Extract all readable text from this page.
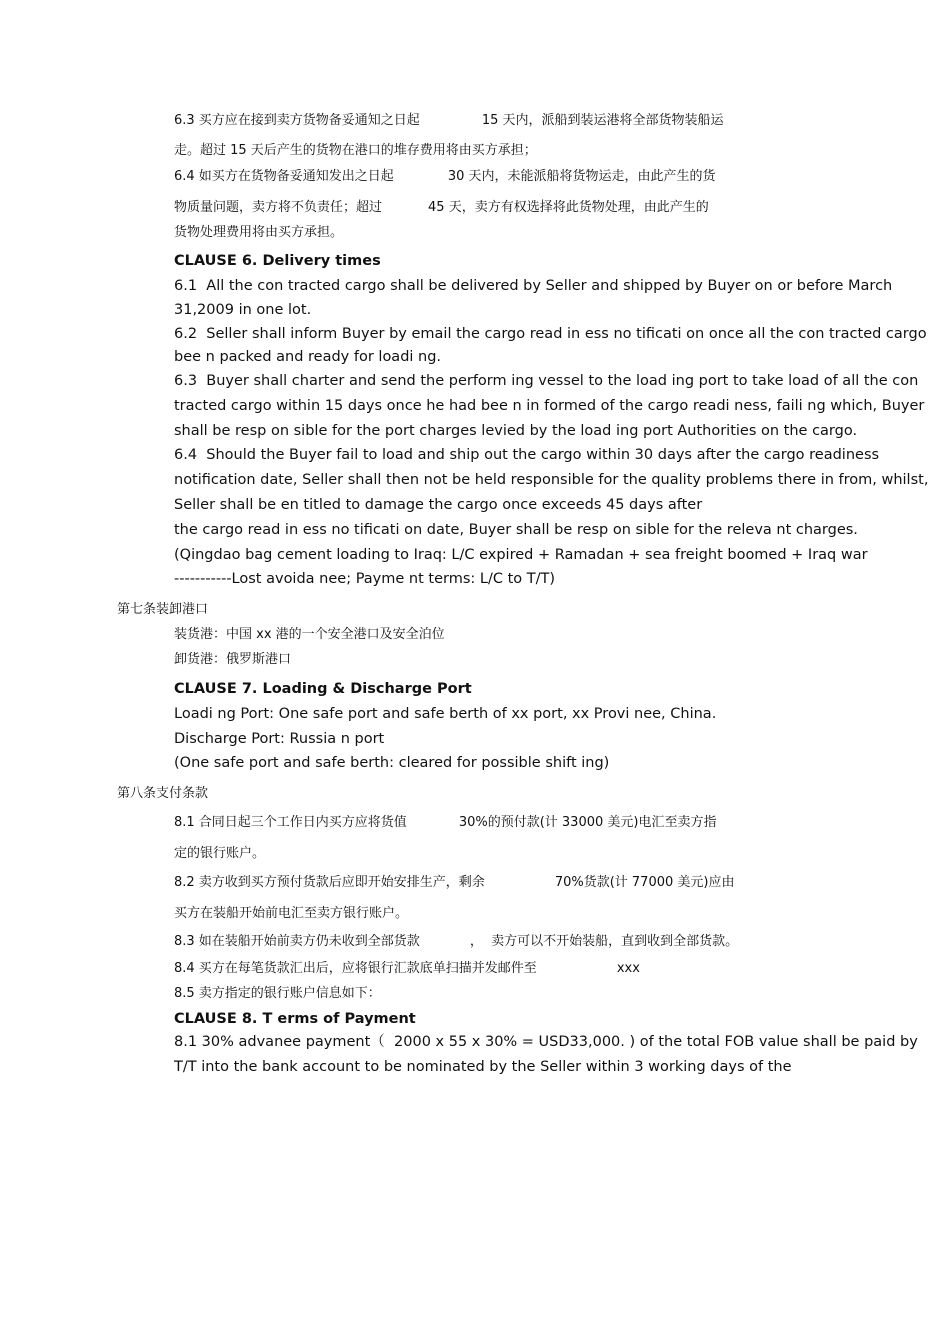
6.3 买方应在接到卖方货物备妥通知之日起	15 天内，派船到装运港将全部货物装船运
走。超过 15 天后产生的货物在港口的堆存费用将由买方承担；
6.4 如买方在货物备妥通知发出之日起	30 天内，未能派船将货物运走，由此产生的货
物质量问题，卖方将不负责任；超过	45 天，卖方有权选择将此货物处理，由此产生的
货物处理费用将由买方承担。
CLAUSE 6. Delivery times
6.1  All the con tracted cargo shall be delivered by Seller and shipped by Buyer on or before March
31,2009 in one lot.
6.2  Seller shall inform Buyer by email the cargo read in ess no tificati on once all the con tracted cargo
bee n packed and ready for loadi ng.
6.3  Buyer shall charter and send the perform ing vessel to the load ing port to take load of all the con
tracted cargo within 15 days once he had bee n in formed of the cargo readi ness, faili ng which, Buyer
shall be resp on sible for the port charges levied by the load ing port Authorities on the cargo.
6.4  Should the Buyer fail to load and ship out the cargo within 30 days after the cargo readiness
notification date, Seller shall then not be held responsible for the quality problems there in from, whilst,
Seller shall be en titled to damage the cargo once exceeds 45 days after
the cargo read in ess no tificati on date, Buyer shall be resp on sible for the releva nt charges.
(Qingdao bag cement loading to Iraq: L/C expired + Ramadan + sea freight boomed + Iraq war
-----------Lost avoida nee; Payme nt terms: L/C to T/T)
第七条装卸港口
装货港：中国 xx 港的一个安全港口及安全泊位
卸货港：俄罗斯港口
CLAUSE 7. Loading & Discharge Port
Loadi ng Port: One safe port and safe berth of xx port, xx Provi nee, China.
Discharge Port: Russia n port
(One safe port and safe berth: cleared for possible shift ing)
第八条支付条款
8.1 合同日起三个工作日内买方应将货值	30%的预付款(计 33000 美元)电汇至卖方指
定的银行账户。
8.2 卖方收到买方预付货款后应即开始安排生产，剩余	70%货款(计 77000 美元)应由
买方在装船开始前电汇至卖方银行账户。
8.3 如在装船开始前卖方仍未收到全部货款	，  卖方可以不开始装船，直到收到全部货款。
8.4 买方在每笔货款汇出后，应将银行汇款底单扫描并发邮件至	xxx
8.5 卖方指定的银行账户信息如下：
CLAUSE 8. T erms of Payment
8.1 30% advanee payment（  2000 x 55 x 30% = USD33,000. ) of the total FOB value shall be paid by
T/T into the bank account to be nominated by the Seller within 3 working days of the
